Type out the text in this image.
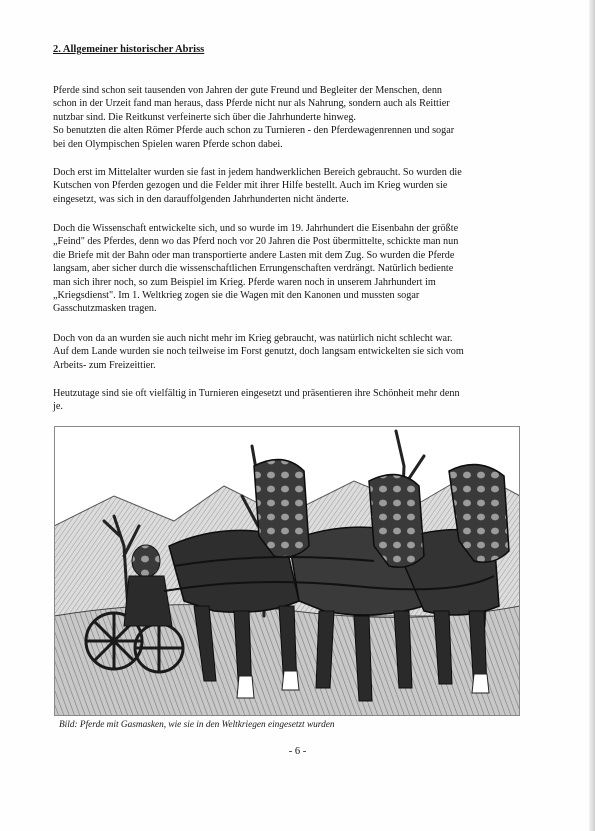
2. Allgemeiner historischer Abriss

Pferde sind schon seit tausenden von Jahren der gute Freund und Begleiter der Menschen, denn
schon in der Urzeit fand man heraus, dass Pferde nicht nur als Nahrung, sondern auch als Reittier
nutzbar sind. Die Reitkunst verfeinerte sich über die Jahrhunderte hinweg.
So benutzten die alten Römer Pferde auch schon zu Turnieren - den Pferdewagenrennen und sogar
bei den Olympischen Spielen waren Pferde schon dabei.

Doch erst im Mittelalter wurden sie fast in jedem handwerklichen Bereich gebraucht. So wurden die
Kutschen von Pferden gezogen und die Felder mit ihrer Hilfe bestellt. Auch im Krieg wurden sie
eingesetzt, was sich in den darauffolgenden Jahrhunderten nicht änderte.

Doch die Wissenschaft entwickelte sich, und so wurde im 19. Jahrhundert die Eisenbahn der größte
„Feind" des Pferdes, denn wo das Pferd noch vor 20 Jahren die Post übermittelte, schickte man nun
die Briefe mit der Bahn oder man transportierte andere Lasten mit dem Zug. So wurden die Pferde
langsam, aber sicher durch die wissenschaftlichen Errungenschaften verdrängt. Natürlich bediente
man sich ihrer noch, so zum Beispiel im Krieg. Pferde waren noch in unserem Jahrhundert im
„Kriegsdienst". Im 1. Weltkrieg zogen sie die Wagen mit den Kanonen und mussten sogar
Gasschutzmasken tragen.

Doch von da an wurden sie auch nicht mehr im Krieg gebraucht, was natürlich nicht schlecht war.
Auf dem Lande wurden sie noch teilweise im Forst genutzt, doch langsam entwickelten sie sich vom
Arbeits- zum Freizeittier.

Heutzutage sind sie oft vielfältig in Turnieren eingesetzt und präsentieren ihre Schönheit mehr denn
je.

Bild: Pferde mit Gasmasken, wie sie in den Weltkriegen eingesetzt wurden
- 6 -
